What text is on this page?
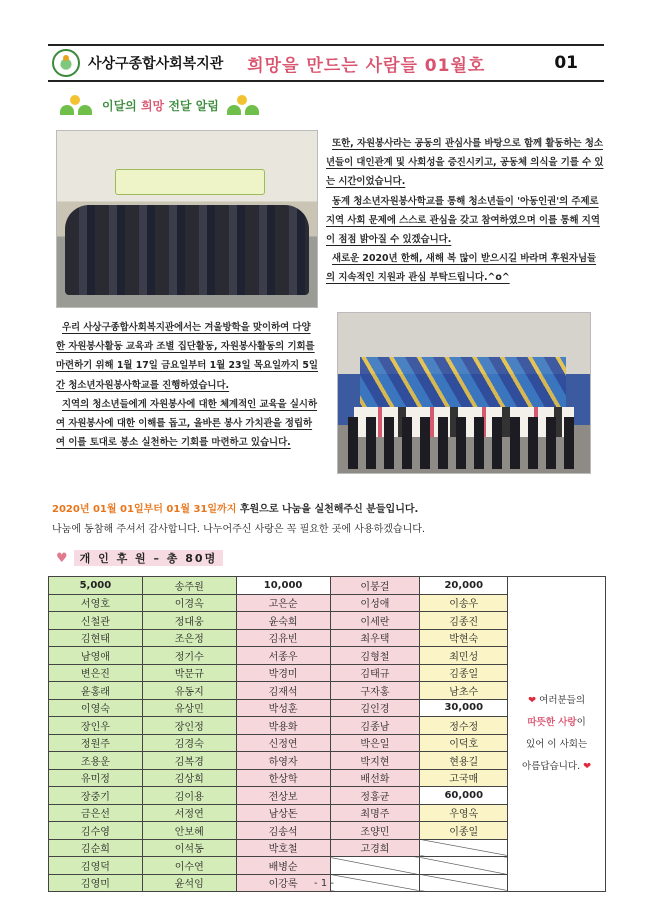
사상구종합사회복지관 희망을 만드는 사람들 01월호	01
이달의 희망 전달 알림

또한, 자원봉사라는 공동의 관심사를 바탕으로 함께 활동하는 청소년들이 대인관계 및 사회성을 증진시키고, 공동체 의식을 기를 수 있는 시간이었습니다.

동계 청소년자원봉사학교를 통해 청소년들이 '아동인권'의 주제로 지역 사회 문제에 스스로 관심을 갖고 참여하였으며 이를 통해 지역이 점점 밝아질 수 있겠습니다.

새로운 2020년 한해, 새해 복 많이 받으시길 바라며 후원자님들의 지속적인 지원과 관심 부탁드립니다.^o^

우리 사상구종합사회복지관에서는 겨울방학을 맞이하여 다양한 자원봉사활동 교육과 조별 집단활동, 자원봉사활동의 기회를 마련하기 위해 1월 17일 금요일부터 1월 23일 목요일까지 5일간 청소년자원봉사학교를 진행하였습니다.

지역의 청소년들에게 자원봉사에 대한 체계적인 교육을 실시하여 자원봉사에 대한 이해를 돕고, 올바른 봉사 가치관을 정립하여 이를 토대로 봉소 실천하는 기회를 마련하고 있습니다.

2020년 01월 01일부터 01월 31일까지 후원으로 나눔을 실천해주신 분들입니다.
나눔에 동참해 주셔서 감사합니다. 나누어주신 사랑은 꼭 필요한 곳에 사용하겠습니다.
♥	개 인 후 원 – 총 80명
5,000	송주원	10,000	이봉걸	20,000	❤ 여러분들의
따뜻한 사랑이
있어 이 사회는
아름답습니다. ❤

서영호	이경옥	고은순	이성애	이송우	
신철관	정대웅	윤숙희	이세란	김종진	
김현태	조은정	김유빈	최우택	박현숙	
남영애	정기수	서종우	김형철	최민성	
변은진	박문규	박경미	김태규	김종일	
윤홍래	유동지	김재석	구자홍	남초수	
이영숙	유상민	박성훈	김인경	30,000	
장인우	장인정	박용화	김종남	정수정	
정원주	김경숙	신정연	박은일	이덕호	
조용운	김복경	하영자	박지현	현용길	
유미정	김상희	한상학	배선화	고국매	
장중기	김이용	전상보	정홍균	60,000	
금은선	서정연	남상돈	최명주	우영옥	
김수영	안보혜	김송석	조양민	이종일	
김순희	이석동	박호철	고경희		
김영덕	이수연	배병순			
김영미	윤석임	이강록				- 1 -
